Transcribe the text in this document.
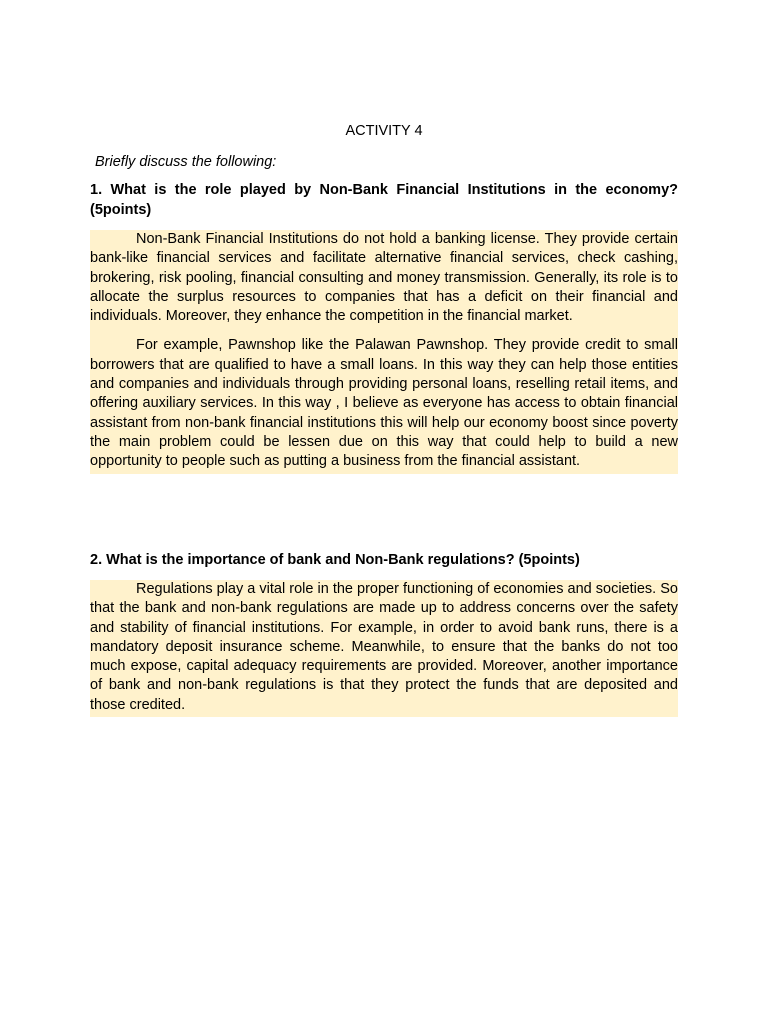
ACTIVITY 4
Briefly discuss the following:
1. What is the role played by Non-Bank Financial Institutions in the economy? (5points)

Non-Bank Financial Institutions do not hold a banking license. They provide certain bank-like financial services and facilitate alternative financial services, check cashing, brokering, risk pooling, financial consulting and money transmission. Generally, its role is to allocate the surplus resources to companies that has a deficit on their financial and individuals. Moreover, they enhance the competition in the financial market.

For example, Pawnshop like the Palawan Pawnshop. They provide credit to small borrowers that are qualified to have a small loans. In this way they can help those entities and companies and individuals through providing personal loans, reselling retail items, and offering auxiliary services. In this way , I believe as everyone has access to obtain financial assistant from non-bank financial institutions this will help our economy boost since poverty the main problem could be lessen due on this way that could help to build a new opportunity to people such as putting a business from the financial assistant.

2. What is the importance of bank and Non-Bank regulations? (5points)

Regulations play a vital role in the proper functioning of economies and societies. So that the bank and non-bank regulations are made up to address concerns over the safety and stability of financial institutions. For example, in order to avoid bank runs, there is a mandatory deposit insurance scheme. Meanwhile, to ensure that the banks do not too much expose, capital adequacy requirements are provided. Moreover, another importance of bank and non-bank regulations is that they protect the funds that are deposited and those credited.
